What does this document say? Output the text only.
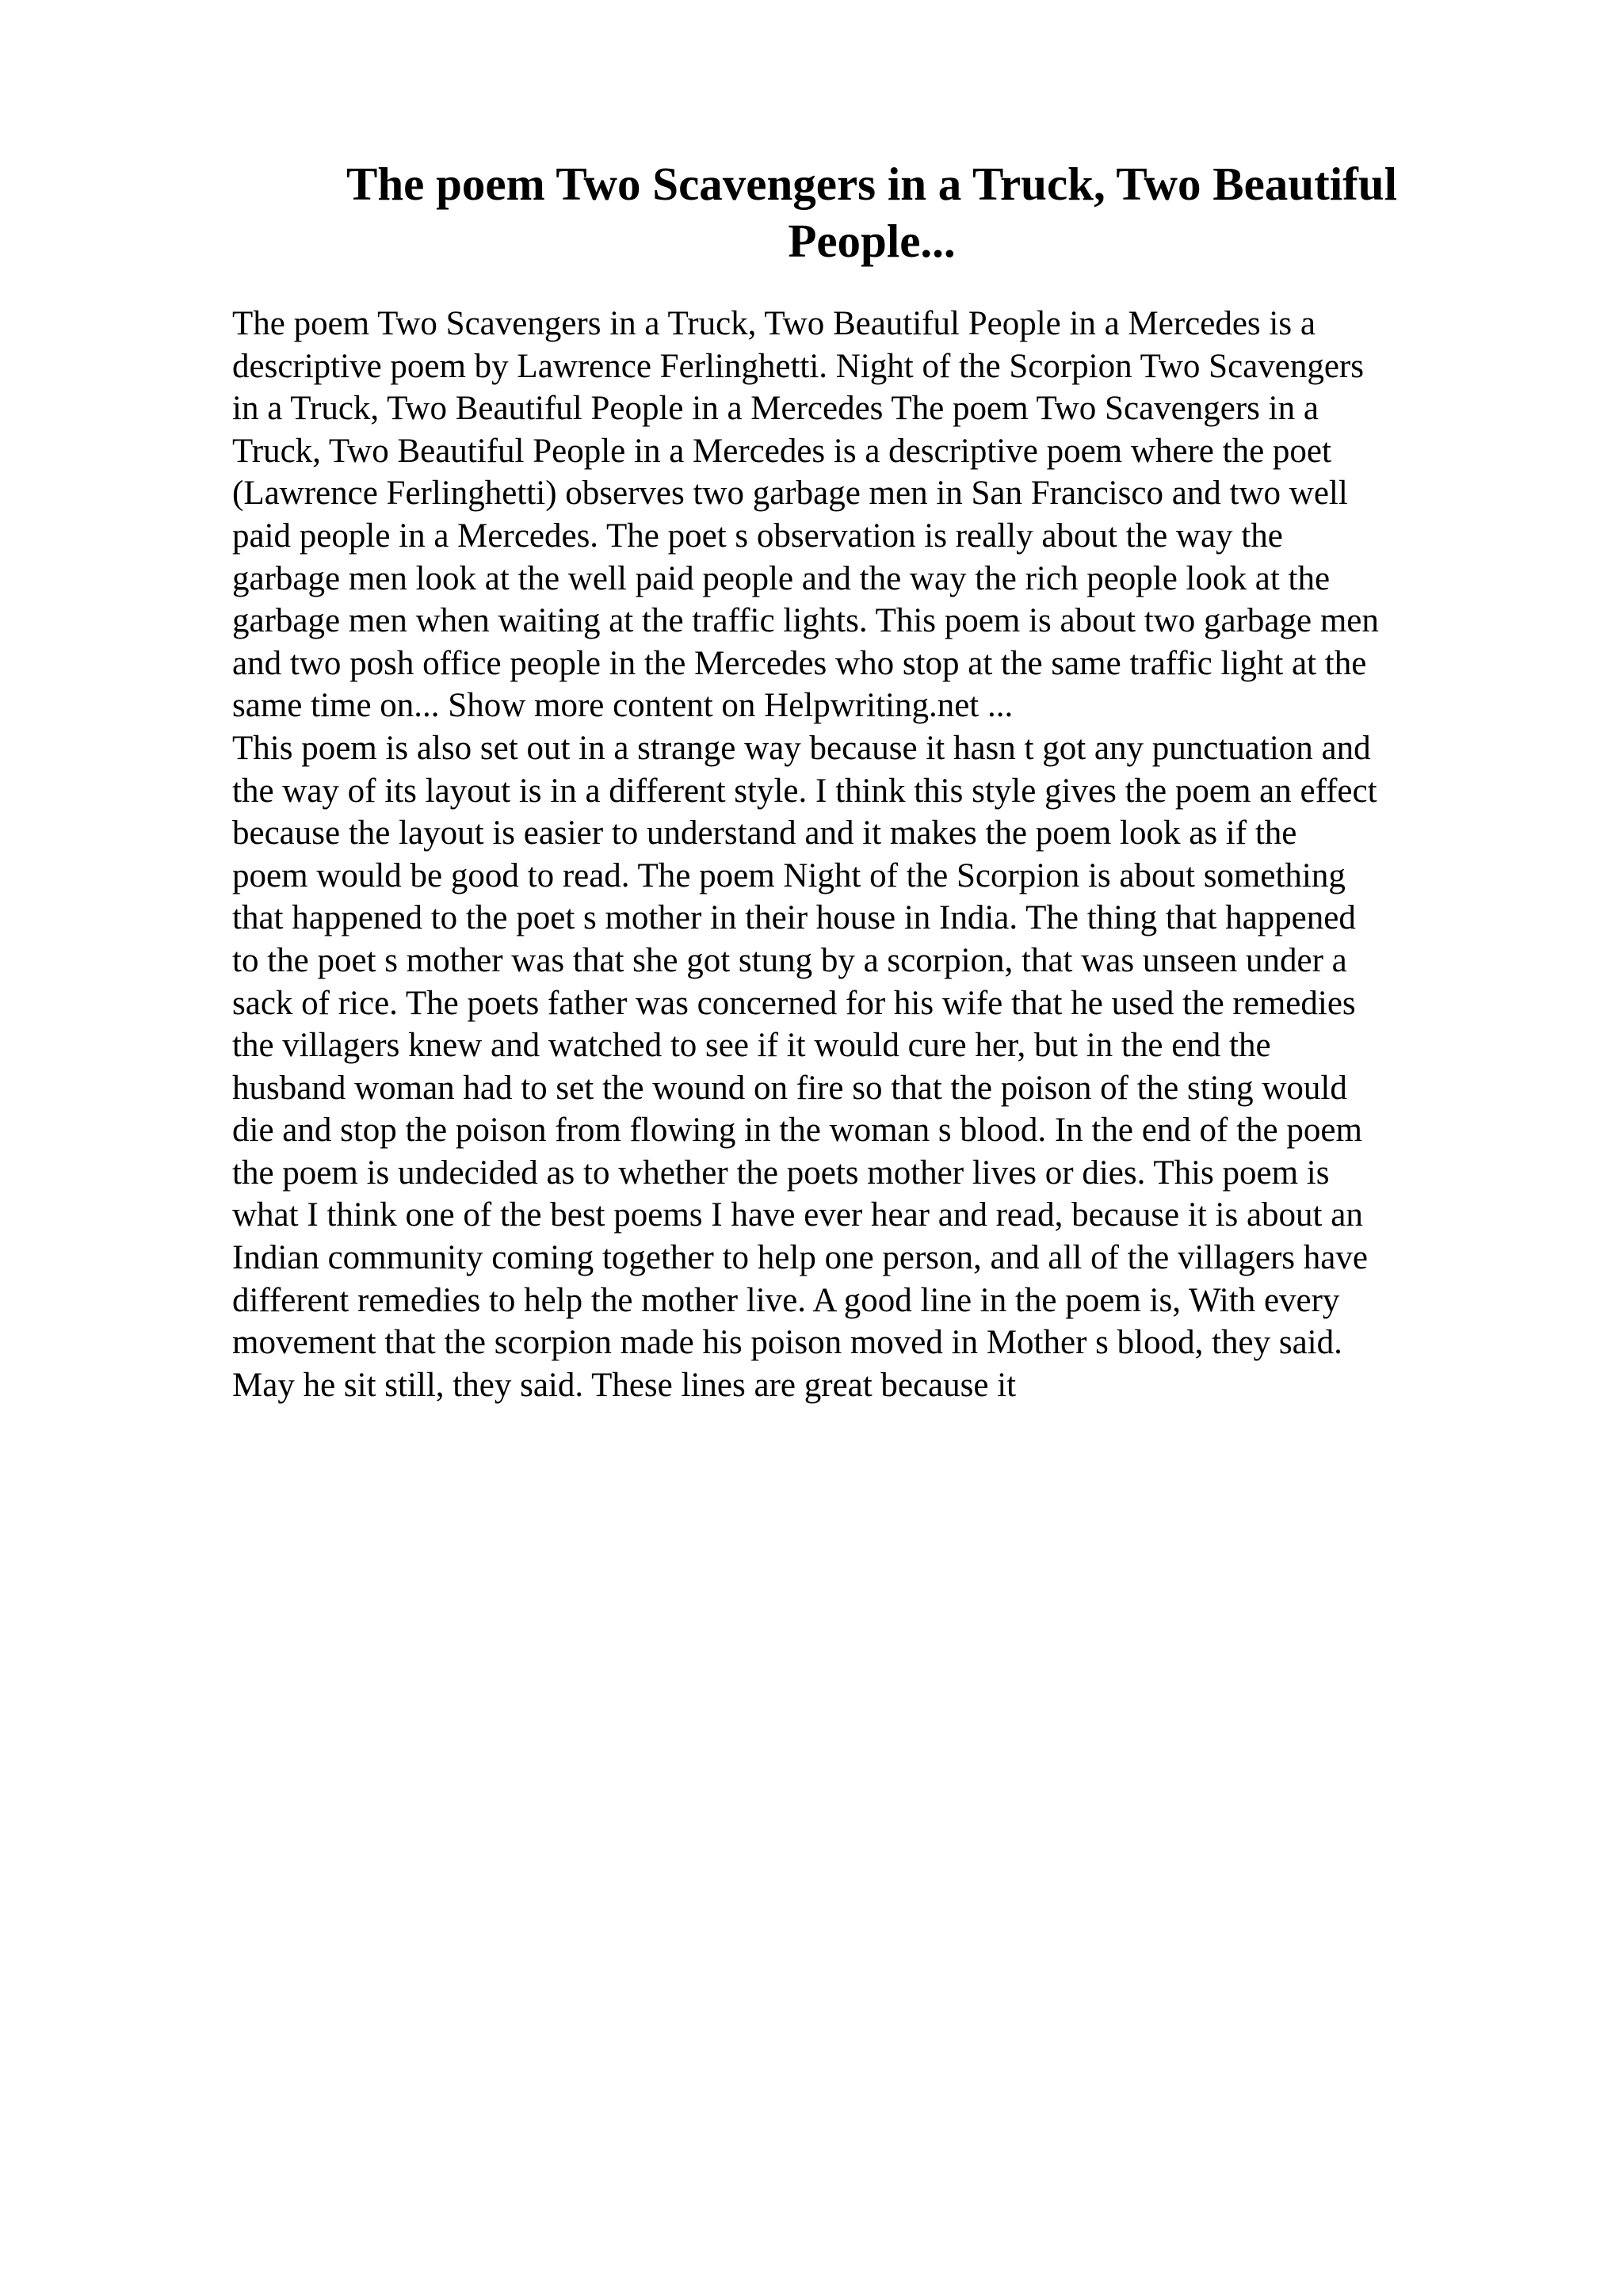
The poem Two Scavengers in a Truck, Two Beautiful
People...
The poem Two Scavengers in a Truck, Two Beautiful People in a Mercedes is a
descriptive poem by Lawrence Ferlinghetti. Night of the Scorpion Two Scavengers
in a Truck, Two Beautiful People in a Mercedes The poem Two Scavengers in a
Truck, Two Beautiful People in a Mercedes is a descriptive poem where the poet
(Lawrence Ferlinghetti) observes two garbage men in San Francisco and two well
paid people in a Mercedes. The poet s observation is really about the way the
garbage men look at the well paid people and the way the rich people look at the
garbage men when waiting at the traffic lights. This poem is about two garbage men
and two posh office people in the Mercedes who stop at the same traffic light at the
same time on... Show more content on Helpwriting.net ...
This poem is also set out in a strange way because it hasn t got any punctuation and
the way of its layout is in a different style. I think this style gives the poem an effect
because the layout is easier to understand and it makes the poem look as if the
poem would be good to read. The poem Night of the Scorpion is about something
that happened to the poet s mother in their house in India. The thing that happened
to the poet s mother was that she got stung by a scorpion, that was unseen under a
sack of rice. The poets father was concerned for his wife that he used the remedies
the villagers knew and watched to see if it would cure her, but in the end the
husband woman had to set the wound on fire so that the poison of the sting would
die and stop the poison from flowing in the woman s blood. In the end of the poem
the poem is undecided as to whether the poets mother lives or dies. This poem is
what I think one of the best poems I have ever hear and read, because it is about an
Indian community coming together to help one person, and all of the villagers have
different remedies to help the mother live. A good line in the poem is, With every
movement that the scorpion made his poison moved in Mother s blood, they said.
May he sit still, they said. These lines are great because it
